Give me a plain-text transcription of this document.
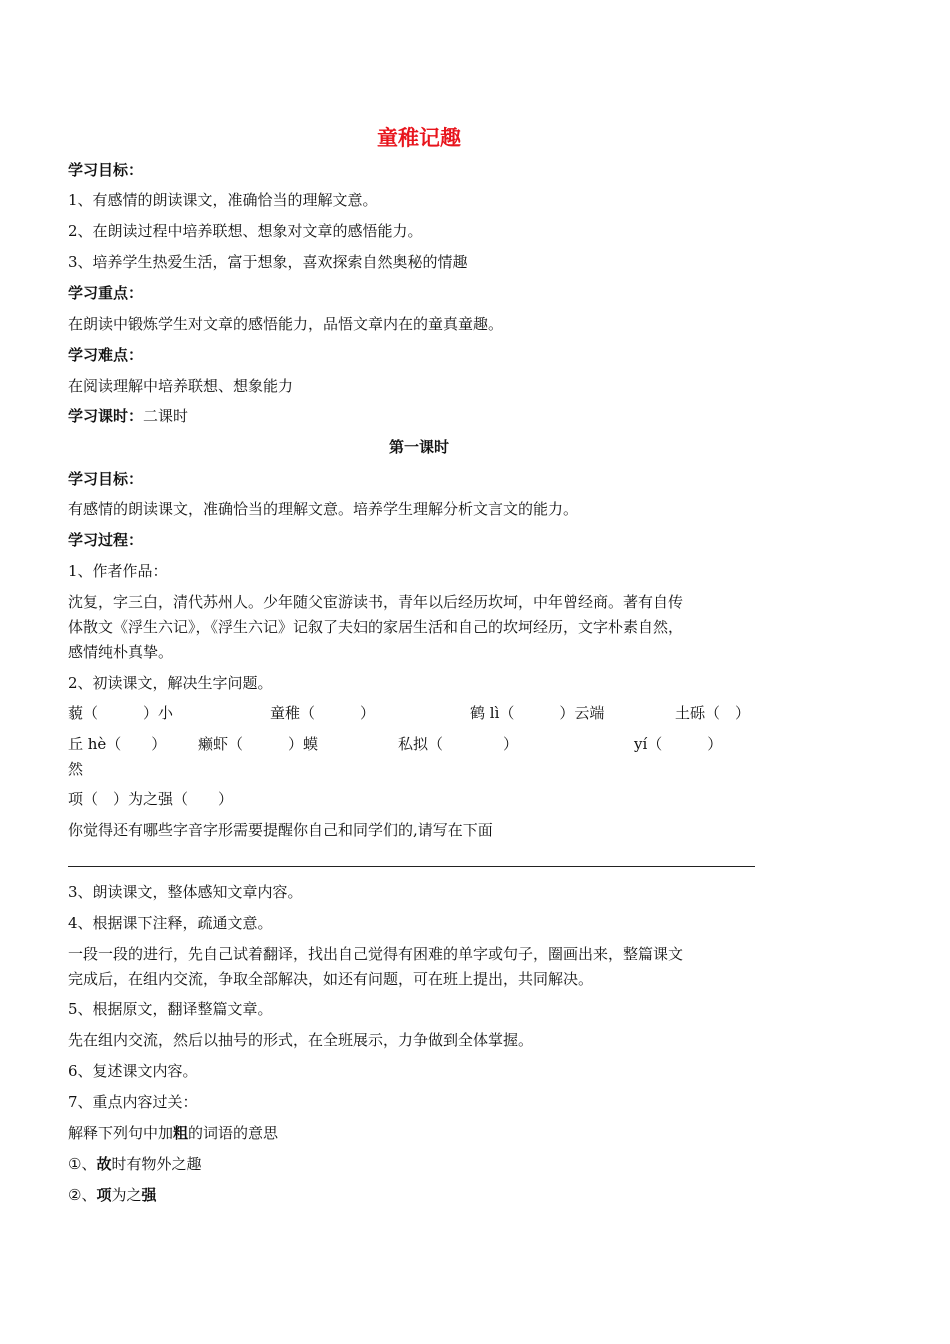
童稚记趣
学习目标：
1、有感情的朗读课文，准确恰当的理解文意。
2、在朗读过程中培养联想、想象对文章的感悟能力。
3、培养学生热爱生活，富于想象，喜欢探索自然奥秘的情趣
学习重点：
在朗读中锻炼学生对文章的感悟能力，品悟文章内在的童真童趣。
学习难点：
在阅读理解中培养联想、想象能力
学习课时：二课时
第一课时
学习目标：
有感情的朗读课文，准确恰当的理解文意。培养学生理解分析文言文的能力。
学习过程：
1、作者作品：
沈复，字三白，清代苏州人。少年随父宦游读书，青年以后经历坎坷，中年曾经商。著有自传
体散文《浮生六记》，《浮生六记》记叙了夫妇的家居生活和自己的坎坷经历，文字朴素自然，
感情纯朴真挚。
2、初读课文，解决生字问题。
藐（　　　）小	童稚（　　　）	鹤 lì（　　　）云端	土砾（　）
丘 hè（　　） 癞虾（　　　）蟆	私拟（　　　　）	yí（　　　）
然
项（　）为之强（　　）
你觉得还有哪些字音字形需要提醒你自己和同学们的,请写在下面
3、朗读课文，整体感知文章内容。
4、根据课下注释，疏通文意。
一段一段的进行，先自己试着翻译，找出自己觉得有困难的单字或句子，圈画出来，整篇课文
完成后，在组内交流，争取全部解决，如还有问题，可在班上提出，共同解决。
5、根据原文，翻译整篇文章。
先在组内交流，然后以抽号的形式，在全班展示，力争做到全体掌握。
6、复述课文内容。
7、重点内容过关：
解释下列句中加粗的词语的意思
①、故时有物外之趣
②、项为之强
